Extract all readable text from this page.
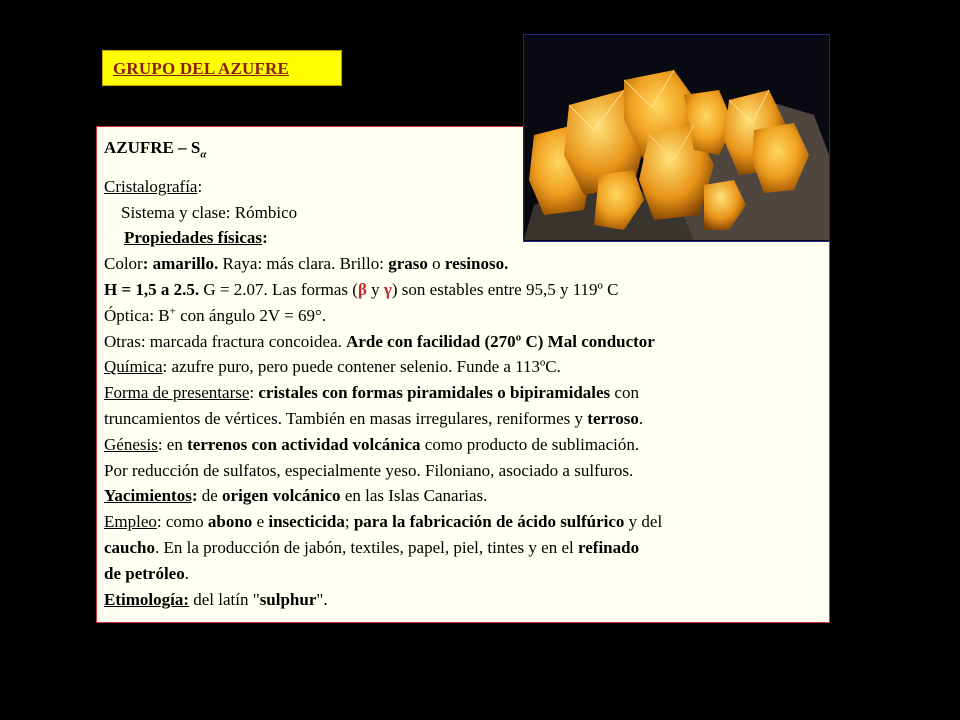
GRUPO DEL AZUFRE
AZUFRE – $S_\alpha$
Cristalografía:
Sistema y clase: Rómbico
Propiedades físicas:
Color: amarillo. Raya: más clara. Brillo: graso o resinoso.
H = 1,5 a 2.5. G = 2.07. Las formas (β y γ) son estables entre 95,5 y 119º C
Óptica: B+ con ángulo 2V = 69°.
Otras: marcada fractura concoidea. Arde con facilidad (270º C) Mal conductor
Química: azufre puro, pero puede contener selenio. Funde a 113ºC.
Forma de presentarse: cristales con formas piramidales o bipiramidales con
truncamientos de vértices. También en masas irregulares, reniformes y terroso.
Génesis: en terrenos con actividad volcánica como producto de sublimación.
Por reducción de sulfatos, especialmente yeso. Filoniano, asociado a sulfuros.
Yacimientos: de origen volcánico en las Islas Canarias.
Empleo: como abono e insecticida; para la fabricación de ácido sulfúrico y del
caucho. En la producción de jabón, textiles, papel, piel, tintes y en el refinado
de petróleo.
Etimología: del latín "sulphur".
